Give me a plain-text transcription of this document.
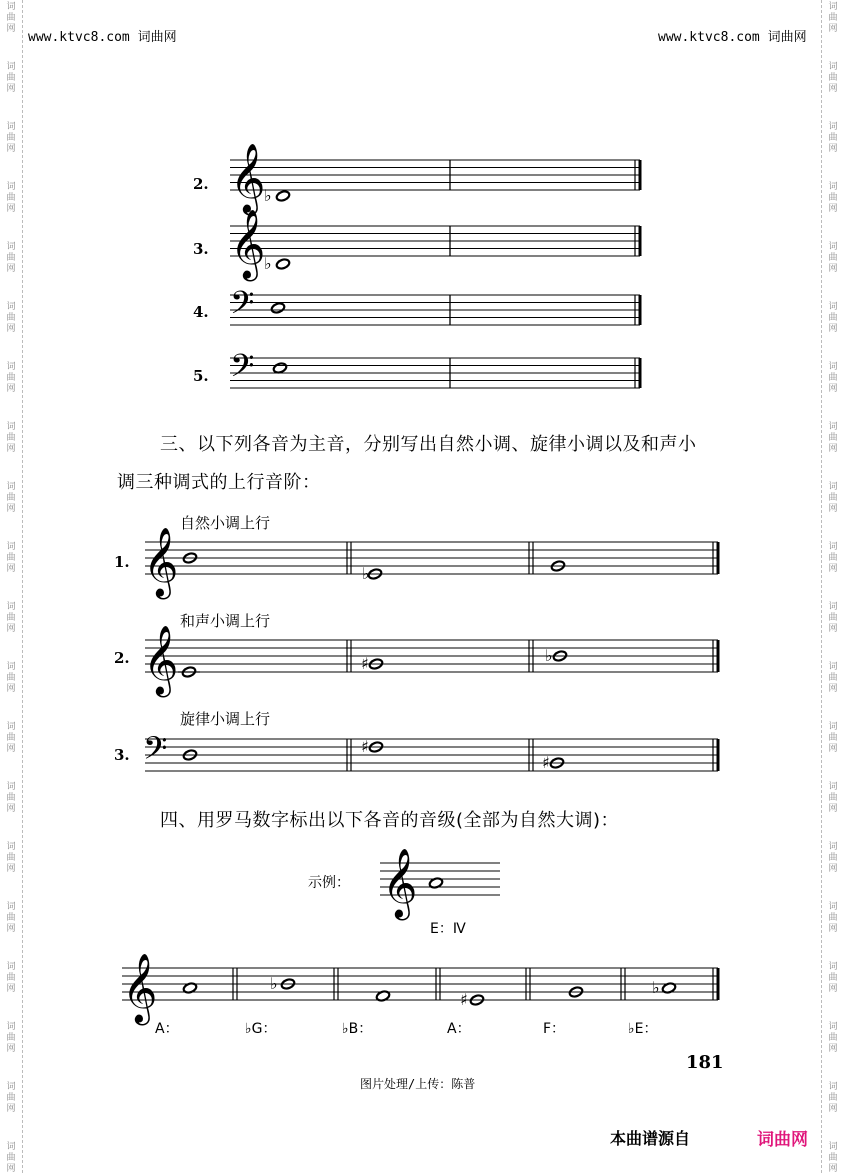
词
曲
网
词
曲
网
词
曲
网
词
曲
网
词
曲
网
词
曲
网
词
曲
网
词
曲
网
词
曲
网
词
曲
网
词
曲
网
词
曲
网
词
曲
网
词
曲
网
词
曲
网
词
曲
网
词
曲
网
词
曲
网
词
曲
网
词
曲
网
词
曲
网
词
曲
网
词
曲
网
词
曲
网
词
曲
网
词
曲
网
词
曲
网
词
曲
网
词
曲
网
词
曲
网
词
曲
网
词
曲
网
词
曲
网
词
曲
网
词
曲
网
词
曲
网
词
曲
网
词
曲
网
词
曲
网
词
曲
网
www.ktvc8.com 词曲网	www.ktvc8.com 词曲网
2.
3.
4.
5.
三、以下列各音为主音，分别写出自然小调、旋律小调以及和声小
调三种调式的上行音阶：
自然小调上行
1.
和声小调上行
2.
旋律小调上行
3.
四、用罗马数字标出以下各音的音级(全部为自然大调)：
示例：
E：Ⅳ
A：	♭G：	♭B：	A：	F：	♭E：
181
图片处理/上传：陈普
本曲谱源自	词曲网
𝄞
♭
𝄞
♭
𝄢
𝄢
𝄞	♭
𝄞	♯	♭
𝄢	♯
♯
𝄞
𝄞	♭
♯
♭
